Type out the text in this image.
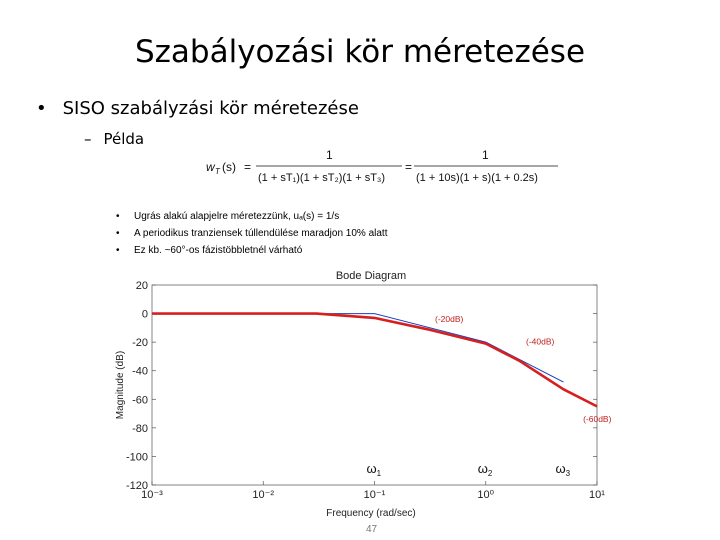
Szabályozási kör méretezése
• SISO szabályzási kör méretezése
– Példa
w T (s) =
1
(1 + sT₁)(1 + sT₂)(1 + sT₃)
=
1
(1 + 10s)(1 + s)(1 + 0.2s)
• Ugrás alakú alapjelre méretezzünk, uₐ(s) = 1/s
• A periodikus tranziensek túllendülése maradjon 10% alatt
• Ez kb. ~60°-os fázistöbbletnél várható
Bode Diagram
Frequency (rad/sec)
Magnitude (dB)
20
0
-20
-40
-60
-80
-100
-120
10⁻³	10⁻²	10⁻¹	10⁰	10¹
(-20dB)
(-40dB)
(-60dB)
$\omega_1$	$\omega_2$	$\omega_3$
47
